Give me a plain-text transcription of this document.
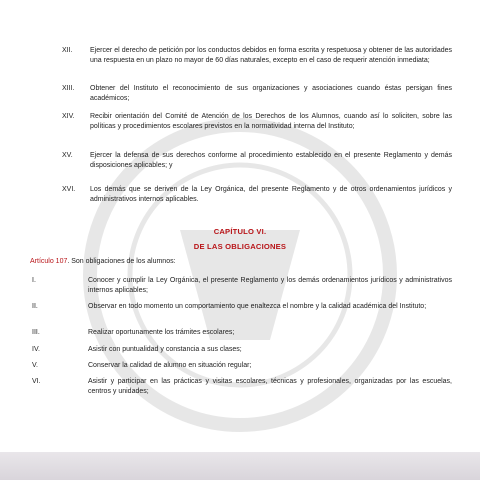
XII. Ejercer el derecho de petición por los conductos debidos en forma escrita y respetuosa y obtener de las autoridades una respuesta en un plazo no mayor de 60 días naturales, excepto en el caso de requerir atención inmediata;
XIII. Obtener del Instituto el reconocimiento de sus organizaciones y asociaciones cuando éstas persigan fines académicos;
XIV. Recibir orientación del Comité de Atención de los Derechos de los Alumnos, cuando así lo soliciten, sobre las políticas y procedimientos escolares previstos en la normatividad interna del Instituto;
XV. Ejercer la defensa de sus derechos conforme al procedimiento establecido en el presente Reglamento y demás disposiciones aplicables; y
XVI. Los demás que se deriven de la Ley Orgánica, del presente Reglamento y de otros ordenamientos jurídicos y administrativos internos aplicables.
CAPÍTULO VI.
DE LAS OBLIGACIONES
Artículo 107. Son obligaciones de los alumnos:
I.	Conocer y cumplir la Ley Orgánica, el presente Reglamento y los demás ordenamientos jurídicos y administrativos internos aplicables;
II.	Observar en todo momento un comportamiento que enaltezca el nombre y la calidad académica del Instituto;
III.	Realizar oportunamente los trámites escolares;
IV.	Asistir con puntualidad y constancia a sus clases;
V.	Conservar la calidad de alumno en situación regular;
VI.	Asistir y participar en las prácticas y visitas escolares, técnicas y profesionales, organizadas por las escuelas, centros y unidades;
